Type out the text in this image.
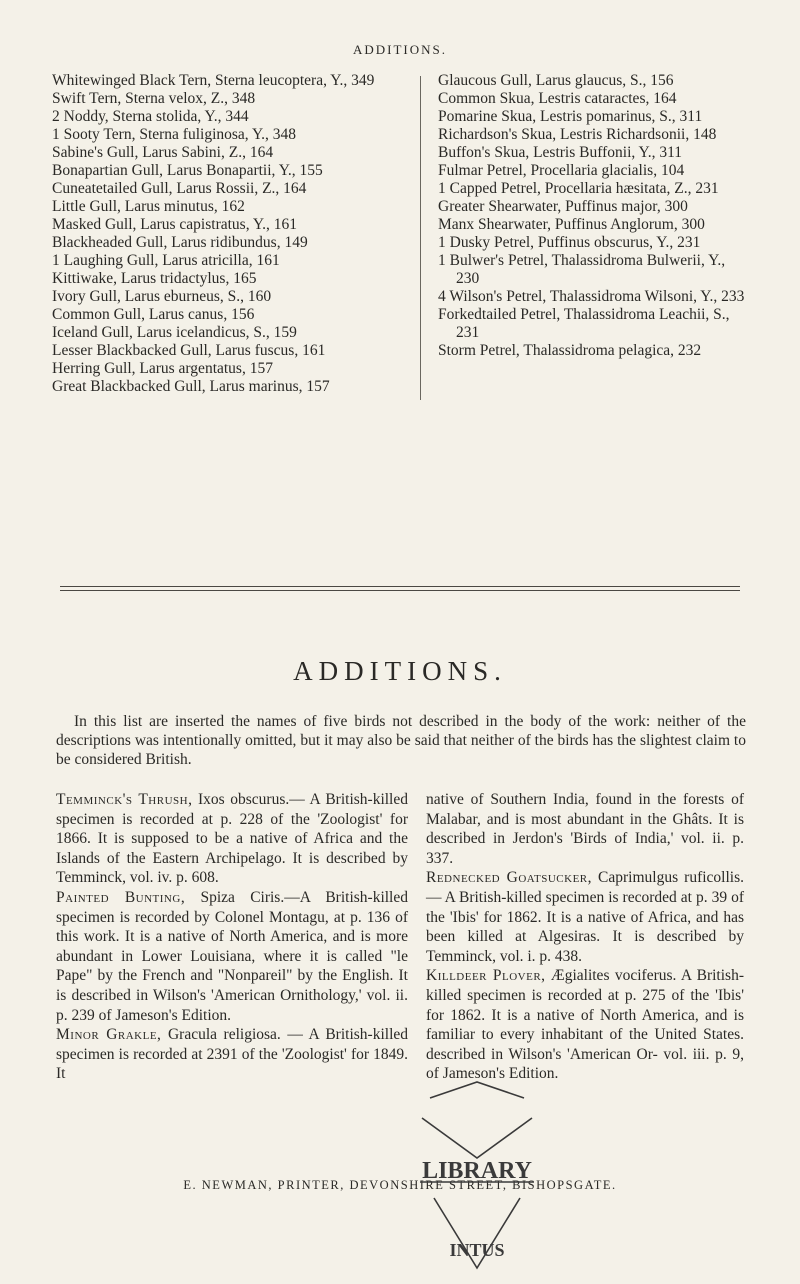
ADDITIONS.
Whitewinged Black Tern, Sterna leucoptera, Y., 349
Swift Tern, Sterna velox, Z., 348
2 Noddy, Sterna stolida, Y., 344
1 Sooty Tern, Sterna fuliginosa, Y., 348
Sabine's Gull, Larus Sabini, Z., 164
Bonapartian Gull, Larus Bonapartii, Y., 155
Cuneatetailed Gull, Larus Rossii, Z., 164
Little Gull, Larus minutus, 162
Masked Gull, Larus capistratus, Y., 161
Blackheaded Gull, Larus ridibundus, 149
1 Laughing Gull, Larus atricilla, 161
Kittiwake, Larus tridactylus, 165
Ivory Gull, Larus eburneus, S., 160
Common Gull, Larus canus, 156
Iceland Gull, Larus icelandicus, S., 159
Lesser Blackbacked Gull, Larus fuscus, 161
Herring Gull, Larus argentatus, 157
Great Blackbacked Gull, Larus marinus, 157
Glaucous Gull, Larus glaucus, S., 156
Common Skua, Lestris cataractes, 164
Pomarine Skua, Lestris pomarinus, S., 311
Richardson's Skua, Lestris Richardsonii, 148
Buffon's Skua, Lestris Buffonii, Y., 311
Fulmar Petrel, Procellaria glacialis, 104
1 Capped Petrel, Procellaria hæsitata, Z., 231
Greater Shearwater, Puffinus major, 300
Manx Shearwater, Puffinus Anglorum, 300
1 Dusky Petrel, Puffinus obscurus, Y., 231
1 Bulwer's Petrel, Thalassidroma Bulwerii, Y., 230
4 Wilson's Petrel, Thalassidroma Wilsoni, Y., 233
Forkedtailed Petrel, Thalassidroma Leachii, S., 231
Storm Petrel, Thalassidroma pelagica, 232
ADDITIONS.
In this list are inserted the names of five birds not described in the body of the work: neither of the descriptions was intentionally omitted, but it may also be said that neither of the birds has the slightest claim to be considered British.
Temminck's Thrush, Ixos obscurus.— A British-killed specimen is recorded at p. 228 of the 'Zoologist' for 1866. It is supposed to be a native of Africa and the Islands of the Eastern Archipelago. It is described by Temminck, vol. iv. p. 608.
Painted Bunting, Spiza Ciris.—A British-killed specimen is recorded by Colonel Montagu, at p. 136 of this work. It is a native of North America, and is more abundant in Lower Louisiana, where it is called "le Pape" by the French and "Nonpareil" by the English. It is described in Wilson's 'American Ornithology,' vol. ii. p. 239 of Jameson's Edition.
Minor Grakle, Gracula religiosa. — A British-killed specimen is recorded at 2391 of the 'Zoologist' for 1849. It
native of Southern India, found in the forests of Malabar, and is most abundant in the Ghâts. It is described in Jerdon's 'Birds of India,' vol. ii. p. 337.
Rednecked Goatsucker, Caprimulgus ruficollis. — A British-killed specimen is recorded at p. 39 of the 'Ibis' for 1862. It is a native of Africa, and has been killed at Algesiras. It is described by Temminck, vol. i. p. 438.
Killdeer Plover, Ægialites vociferus. A British-killed specimen is recorded at p. 275 of the 'Ibis' for 1862. It is a native of North America, and is familiar to every inhabitant of the United States. described in Wilson's 'American Or- vol. iii. p. 9, of Jameson's Edition.
E. NEWMAN, PRINTER, DEVONSHIRE STREET, BISHOPSGATE.
LIBRARY
INTUS
